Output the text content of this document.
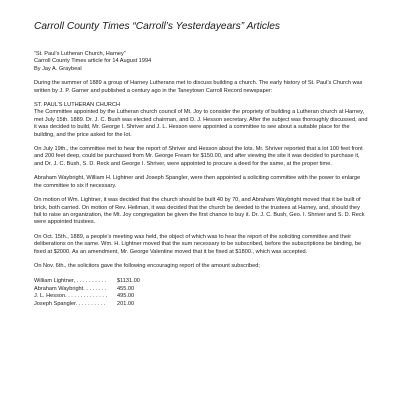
Carroll County Times “Carroll’s Yesterdayears” Articles
“St. Paul’s Lutheran Church, Harney”
Carroll County Times article for 14 August 1994
By Jay A. Graybeal

During the summer of 1889 a group of Harney Lutherans met to discuss building a church. The early history of St. Paul’s Church was written by J. P. Garner and published a century ago in the Taneytown Carroll Record newspaper:

ST. PAUL’S LUTHERAN CHURCH

The Committee appointed by the Lutheran church council of Mt. Joy to consider the propriety of building a Lutheran church at Harney, met July 15th. 1889. Dr. J. C. Bush was elected chairman, and D. J. Hesson secretary. After the subject was thoroughly discussed, and it was decided to build, Mr. George I. Shriver and J. L. Hesson were appointed a committee to see about a suitable place for the building, and the price asked for the lot.

On July 19th., the committee met to hear the report of Shriver and Hesson about the lots. Mr. Shriver reported that a lot 100 feet front and 200 feet deep, could be purchased from Mr. George Fream for $150.00, and after viewing the site it was decided to purchase it, and Dr. J. C. Bush, S. D. Reck and George I. Shriver, were appointed to procure a deed for the same, at the proper time.

Abraham Waybright, William H. Lightner and Joseph Spangler, were then appointed a soliciting committee with the power to enlarge the committee to six if necessary.

On motion of Wm. Lightner, it was decided that the church should be built 40 by 70, and Abraham Waybright moved that it be built of brick, both carried. On motion of Rev. Heilman, it was decided that the church be deeded to the trustees at Harney, and, should they fail to raise an organization, the Mt. Joy congregation be given the first chance to buy it. Dr. J. C. Bush, Geo. I. Shriver and S. D. Reck were appointed trustees.

On Oct. 15th., 1889, a people’s meeting was held, the object of which was to hear the report of the soliciting committee and their deliberations on the same. Wm. H. Lightner moved that the sum necessary to be subscribed, before the subscriptions be binding, be fixed at $2000. As an amendment, Mr. George Valentine moved that it be fixed at $1800., which was accepted.

On Nov. 6th., the solicitors gave the following encouraging report of the amount subscribed;

William Lightner, . . . . . . . . . .	$1131.00
Abraham Waybright. . . . . . . .	455.00
J. L. Hesson. . . . . . . . . . . . . .	495.00
Joseph Spangler. . . . . . . . . .	201.00
